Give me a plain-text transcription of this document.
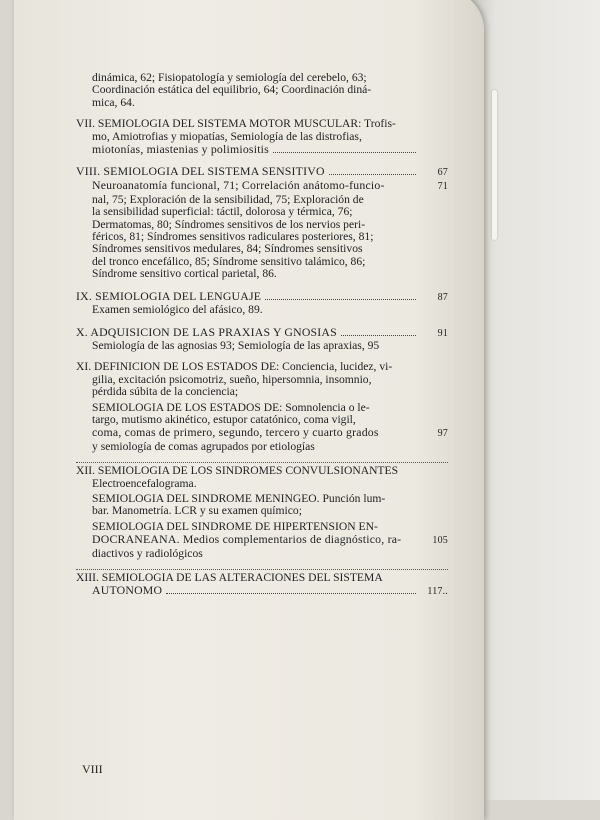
dinámica, 62; Fisiopatología y semiología del cerebelo, 63;
Coordinación estática del equilibrio, 64; Coordinación diná-
mica, 64.
VII. SEMIOLOGIA DEL SISTEMA MOTOR MUSCULAR: Trofis-
mo, Amiotrofias y miopatías, Semiología de las distrofias,
miotonías, miastenias y polimiositis
VIII. SEMIOLOGIA DEL SISTEMA SENSITIVO	67
Neuroanatomía funcional, 71; Correlación anátomo-funcio-	71
nal, 75; Exploración de la sensibilidad, 75; Exploración de
la sensibilidad superficial: táctil, dolorosa y térmica, 76;
Dermatomas, 80; Síndromes sensitivos de los nervios peri-
féricos, 81; Síndromes sensitivos radiculares posteriores, 81;
Síndromes sensitivos medulares, 84; Síndromes sensitivos
del tronco encefálico, 85; Síndrome sensitivo talámico, 86;
Síndrome sensitivo cortical parietal, 86.
IX. SEMIOLOGIA DEL LENGUAJE	87
Examen semiológico del afásico, 89.
X. ADQUISICION DE LAS PRAXIAS Y GNOSIAS	91
Semiología de las agnosias 93; Semiología de las apraxias, 95
XI. DEFINICION DE LOS ESTADOS DE: Conciencia, lucidez, vi-
gilia, excitación psicomotriz, sueño, hipersomnia, insomnio,
pérdida súbita de la conciencia;
SEMIOLOGIA DE LOS ESTADOS DE: Somnolencia o le-
targo, mutismo akinético, estupor catatónico, coma vigil,
coma, comas de primero, segundo, tercero y cuarto grados	97
y semiología de comas agrupados por etiologías
XII. SEMIOLOGIA DE LOS SINDROMES CONVULSIONANTES
Electroencefalograma.
SEMIOLOGIA DEL SINDROME MENINGEO. Punción lum-
bar. Manometría. LCR y su examen químico;
SEMIOLOGIA DEL SINDROME DE HIPERTENSION EN-
DOCRANEANA. Medios complementarios de diagnóstico, ra-	105
diactivos y radiológicos
XIII. SEMIOLOGIA DE LAS ALTERACIONES DEL SISTEMA
AUTONOMO	117..
VIII
